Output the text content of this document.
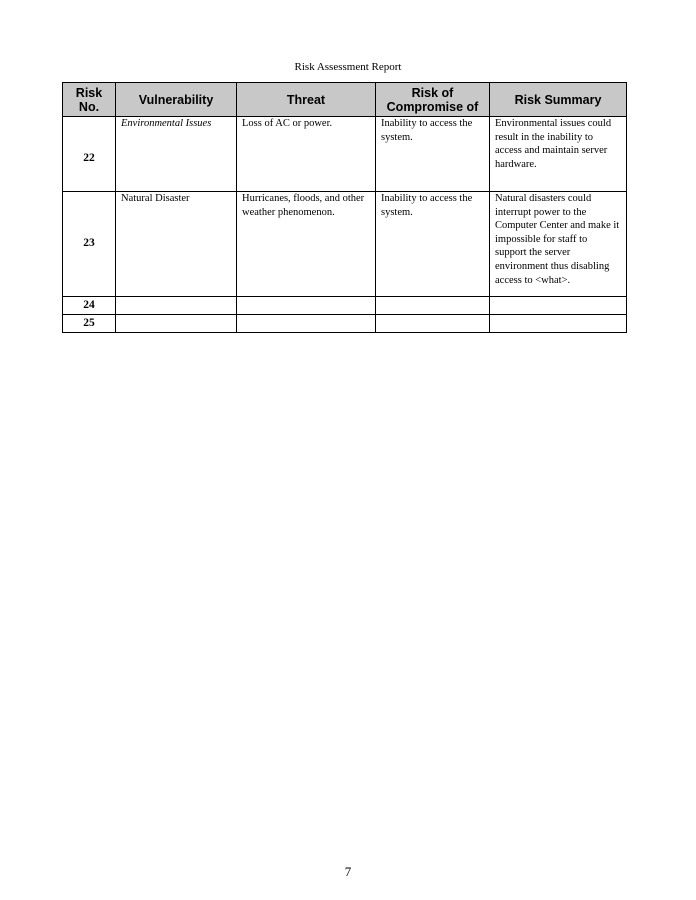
Risk Assessment Report
Risk No.	Vulnerability	Threat	Risk of Compromise of	Risk Summary
22	Environmental Issues	Loss of AC or power.	Inability to access the system.	Environmental issues could result in the inability to access and maintain server hardware.
23	Natural Disaster	Hurricanes, floods, and other weather phenomenon.	Inability to access the system.	Natural disasters could interrupt power to the Computer Center and make it impossible for staff to support the server environment thus disabling access to <what>.
24				
25				
7
